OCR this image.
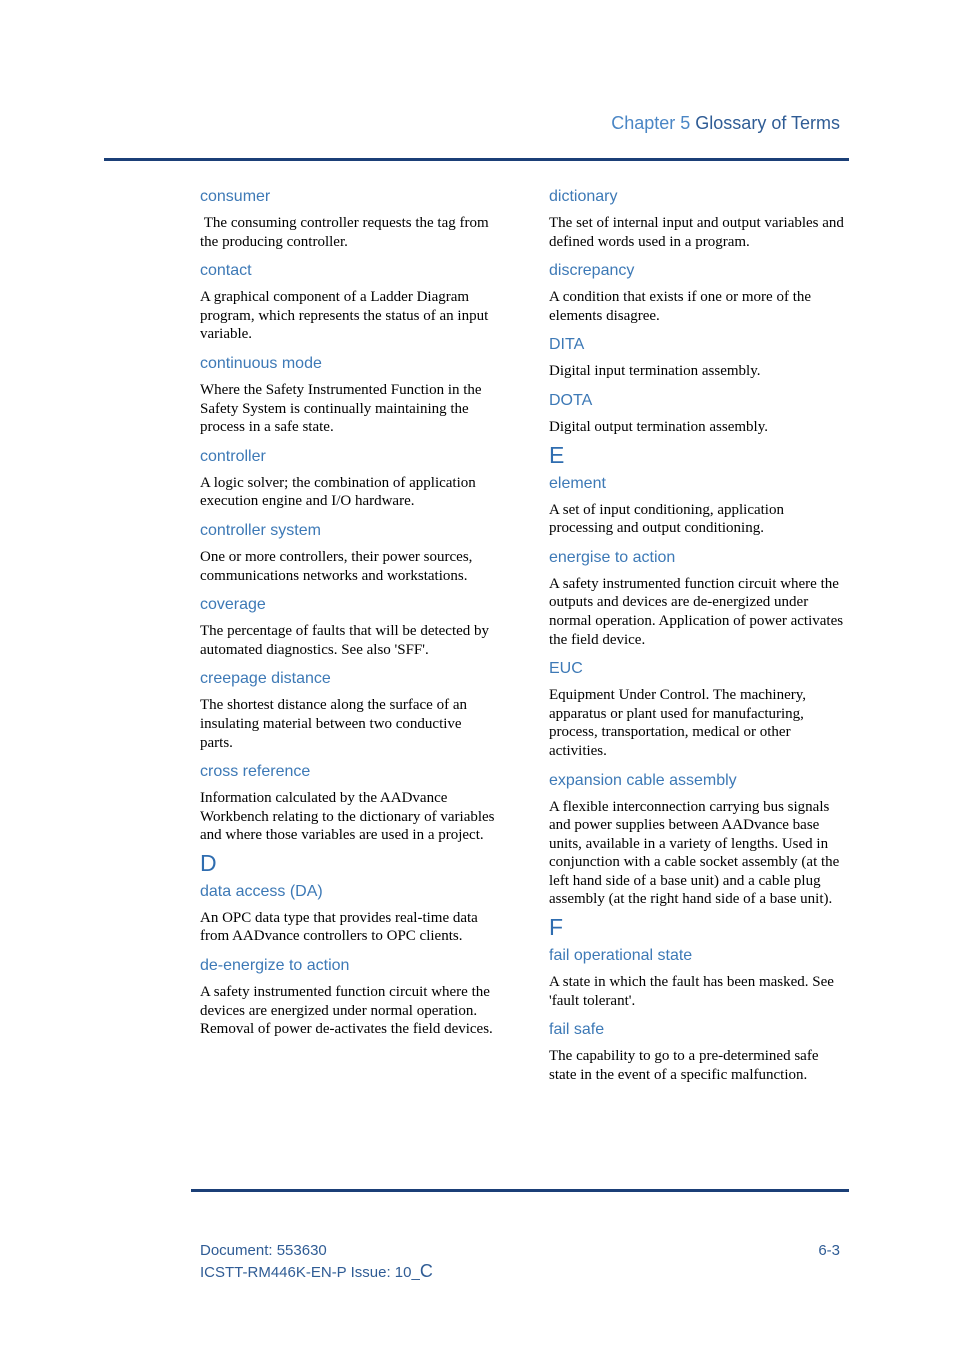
Chapter 5 Glossary of Terms
consumer

The consuming controller requests the tag from the producing controller.

contact

A graphical component of a Ladder Diagram program, which represents the status of an input variable.

continuous mode

Where the Safety Instrumented Function in the Safety System is continually maintaining the process in a safe state.

controller

A logic solver; the combination of application execution engine and I/O hardware.

controller system

One or more controllers, their power sources, communications networks and workstations.

coverage

The percentage of faults that will be detected by automated diagnostics. See also 'SFF'.

creepage distance

The shortest distance along the surface of an insulating material between two conductive parts.

cross reference

Information calculated by the AADvance Workbench relating to the dictionary of variables and where those variables are used in a project.

D
data access (DA)

An OPC data type that provides real-time data from AADvance controllers to OPC clients.

de-energize to action

A safety instrumented function circuit where the devices are energized under normal operation. Removal of power de-activates the field devices.

dictionary

The set of internal input and output variables and defined words used in a program.

discrepancy

A condition that exists if one or more of the elements disagree.

DITA

Digital input termination assembly.

DOTA

Digital output termination assembly.

E
element

A set of input conditioning, application processing and output conditioning.

energise to action

A safety instrumented function circuit where the outputs and devices are de-energized under normal operation. Application of power activates the field device.

EUC

Equipment Under Control. The machinery, apparatus or plant used for manufacturing, process, transportation, medical or other activities.

expansion cable assembly

A flexible interconnection carrying bus signals and power supplies between AADvance base units, available in a variety of lengths. Used in conjunction with a cable socket assembly (at the left hand side of a base unit) and a cable plug assembly (at the right hand side of a base unit).

F
fail operational state

A state in which the fault has been masked. See 'fault tolerant'.

fail safe

The capability to go to a pre-determined safe state in the event of a specific malfunction.

Document: 553630
ICSTT-RM446K-EN-P Issue: 10_C
6-3
